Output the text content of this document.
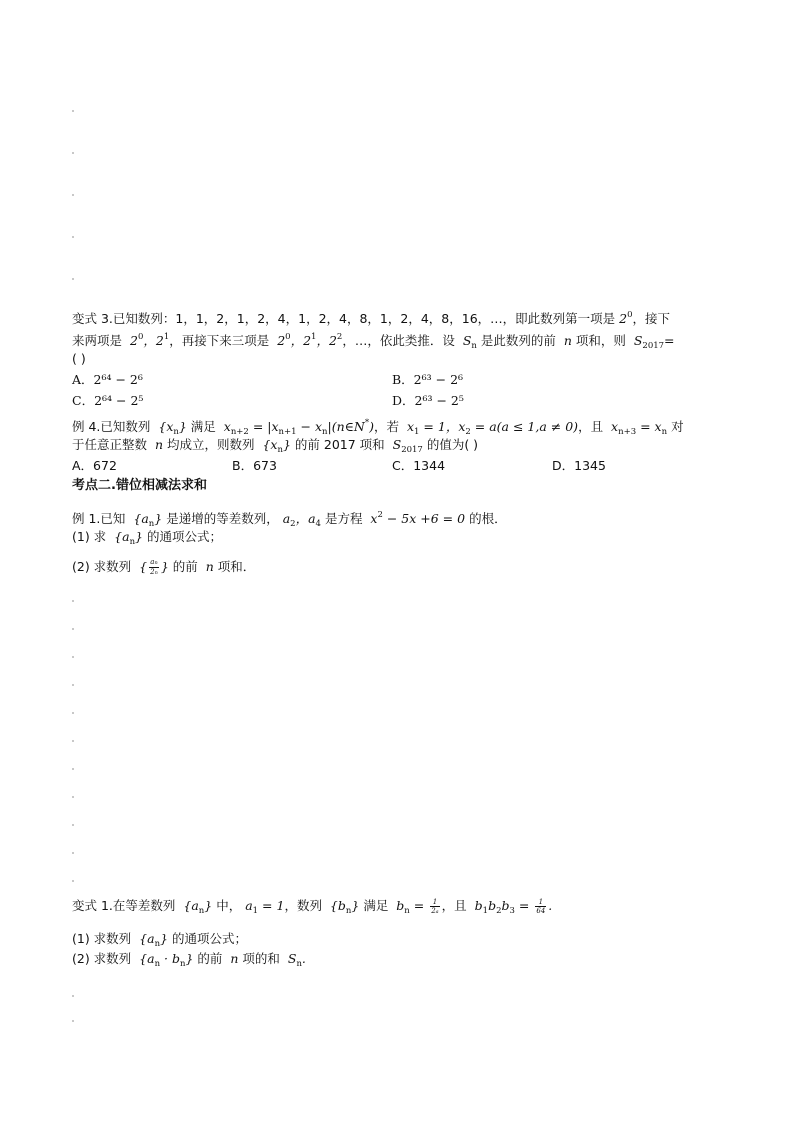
变式 3.已知数列：1，1，2，1，2，4，1，2，4，8，1，2，4，8，16，…，即此数列第一项是 $2^0$，接下
来两项是  $2^0$，$2^1$，再接下来三项是  $2^0$，$2^1$，$2^2$，…，依此类推．设  $S_n$ 是此数列的前  n 项和，则  $S_{2017}=$
( )
A．2⁶⁴ − 2⁶	B．2⁶³ − 2⁶
C．2⁶⁴ − 2⁵	D．2⁶³ − 2⁵
例 4.已知数列  $\{x_n\}$ 满足  $x_{n+2} = |x_{n+1}$ − $x_n|(n\in N^*)$，若  $x_1 = 1$，$x_2 = a(a \le 1,a \ne 0)$，且  $x_{n+3} = x_n$ 对
于任意正整数  n 均成立，则数列  $\{x_n\}$ 的前 2017 项和  $S_{2017}$ 的值为( )
A．672	B．673	C．1344	D．1345
考点二.错位相减法求和
例 1.已知  $\{a_n\}$ 是递增的等差数列， $a_2$，$a_4$ 是方程  $x^2 - 5x +6 = 0$ 的根．
(1) 求  $\{a_n\}$ 的通项公式；
(2) 求数列  { $\frac{an}{2n}$ } 的前  n 项和．
变式 1.在等差数列  $\{a_n\}$ 中， $a_1 = 1$，数列  $\{b_n\}$ 满足  $b_n = \frac{1}{2a}$ ，且  $b_1b_2b_3 = \frac{1}{64}$ .
(1) 求数列  $\{a_n\}$ 的通项公式；
(2) 求数列  $\{a_n \cdot b_n\}$ 的前  n 项的和  $S_n$.
